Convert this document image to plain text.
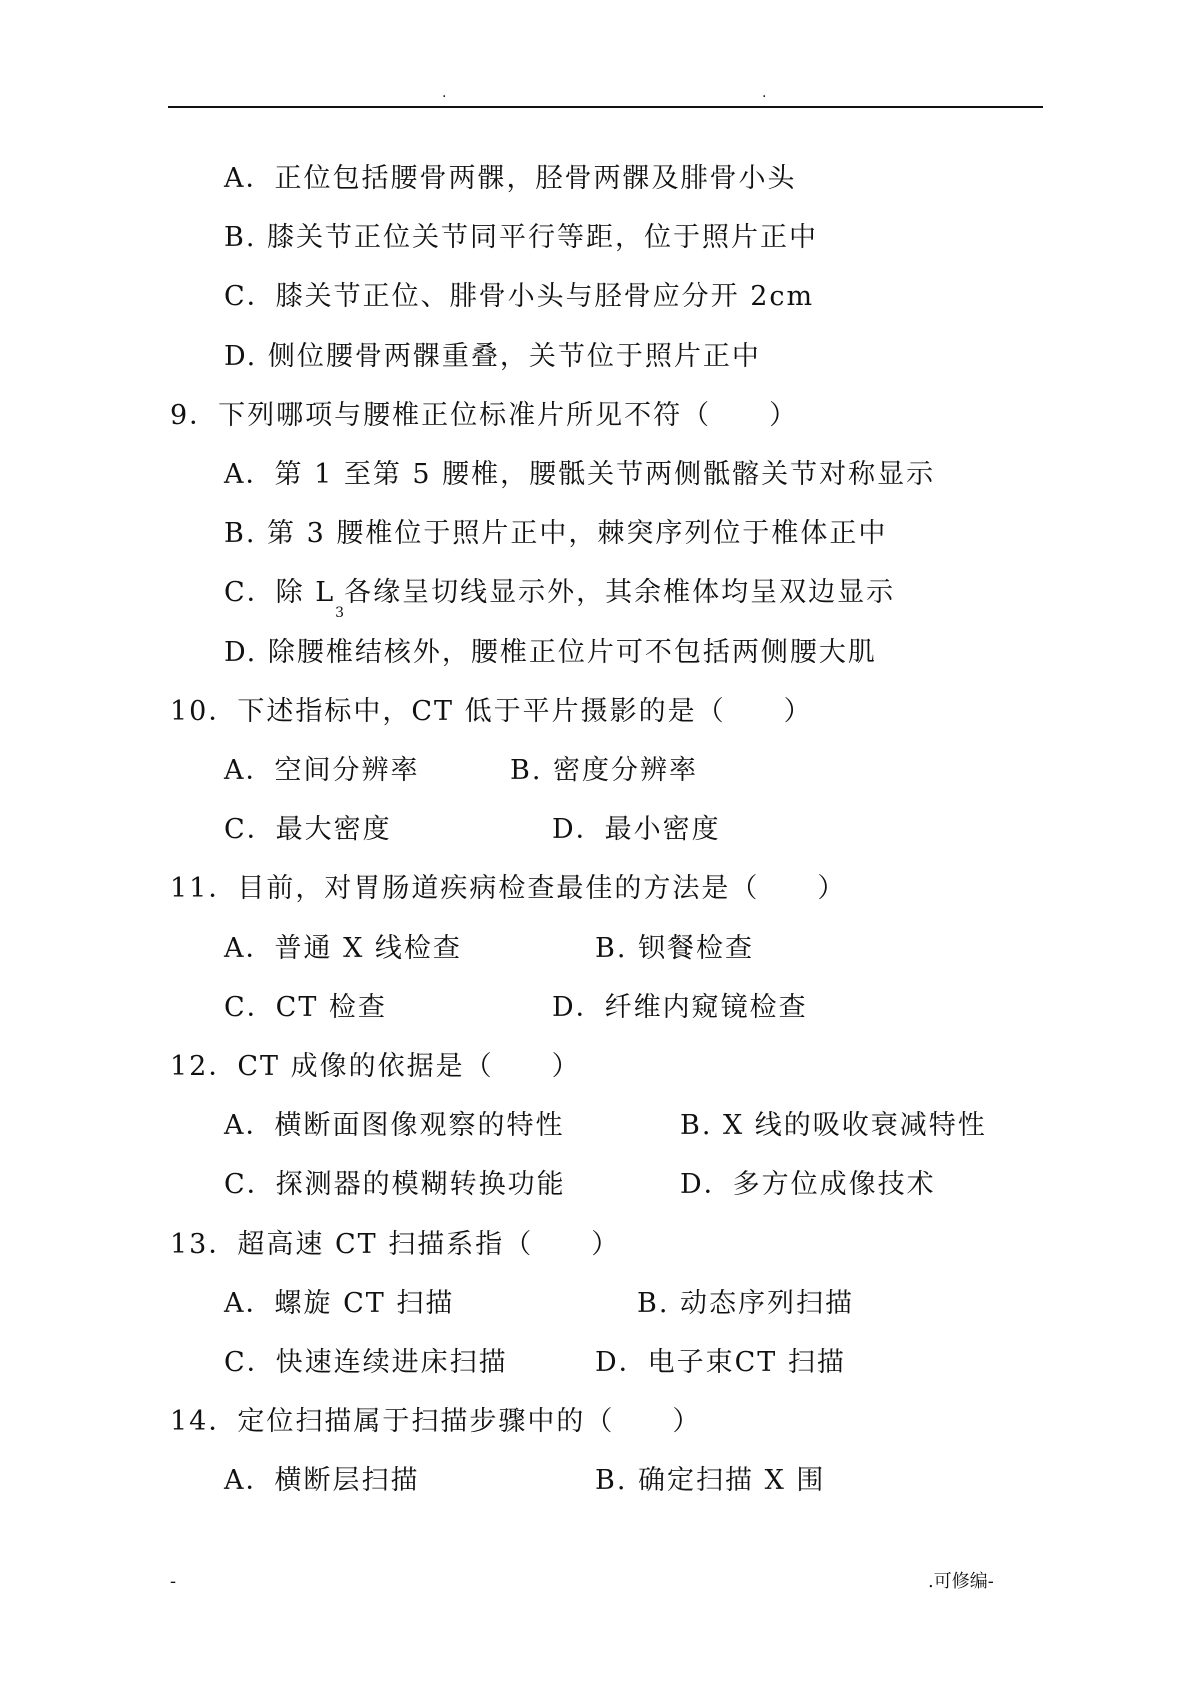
.	.
A．正位包括腰骨两髁，胫骨两髁及腓骨小头
B. 膝关节正位关节同平行等距，位于照片正中
C．膝关节正位、腓骨小头与胫骨应分开 2cm
D. 侧位腰骨两髁重叠，关节位于照片正中
9．下列哪项与腰椎正位标准片所见不符（　　）
A．第 1 至第 5 腰椎，腰骶关节两侧骶髂关节对称显示
B. 第 3 腰椎位于照片正中，棘突序列位于椎体正中
C．除 $L_3$各缘呈切线显示外，其余椎体均呈双边显示
D. 除腰椎结核外，腰椎正位片可不包括两侧腰大肌
10．下述指标中，CT 低于平片摄影的是（　　）
A．空间分辨率	B. 密度分辨率
C．最大密度	D．最小密度
11．目前，对胃肠道疾病检查最佳的方法是（　　）
A．普通 X 线检查	B. 钡餐检查
C．CT 检查	D．纤维内窥镜检查
12．CT 成像的依据是（　　）
A．横断面图像观察的特性	B. X 线的吸收衰减特性
C．探测器的模糊转换功能	D．多方位成像技术
13．超高速 CT 扫描系指（　　）
A．螺旋 CT 扫描	B. 动态序列扫描
C．快速连续进床扫描	D．电子束CT 扫描
14．定位扫描属于扫描步骤中的（　　）
A．横断层扫描	B. 确定扫描 X 围
-	.可修编-
